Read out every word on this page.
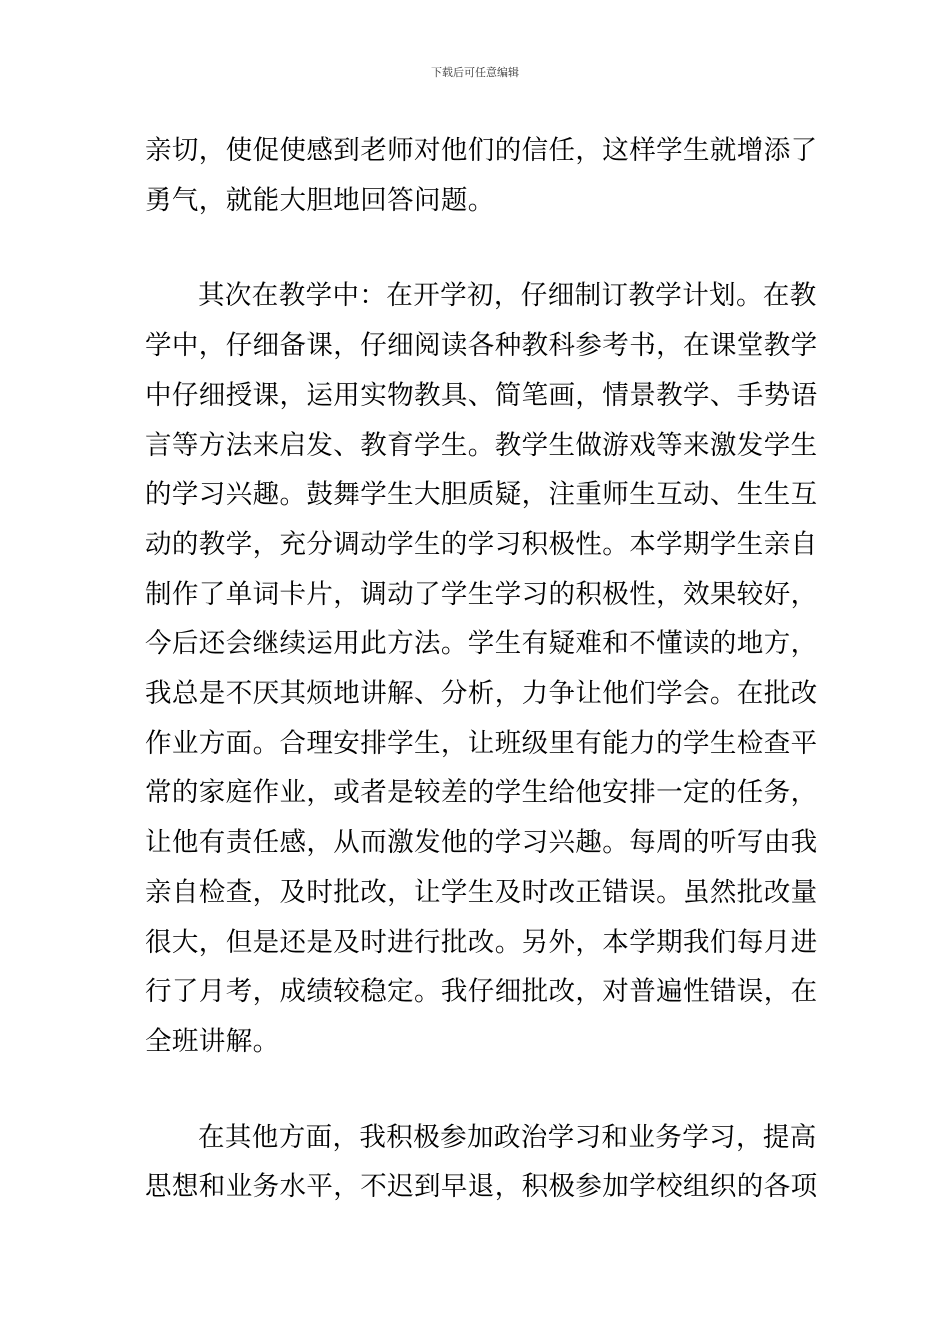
下载后可任意编辑

亲切，使促使感到老师对他们的信任，这样学生就增添了
勇气，就能大胆地回答问题。

其次在教学中：在开学初，仔细制订教学计划。在教
学中，仔细备课，仔细阅读各种教科参考书，在课堂教学
中仔细授课，运用实物教具、简笔画，情景教学、手势语
言等方法来启发、教育学生。教学生做游戏等来激发学生
的学习兴趣。鼓舞学生大胆质疑，注重师生互动、生生互
动的教学，充分调动学生的学习积极性。本学期学生亲自
制作了单词卡片，调动了学生学习的积极性，效果较好，
今后还会继续运用此方法。学生有疑难和不懂读的地方，
我总是不厌其烦地讲解、分析，力争让他们学会。在批改
作业方面。合理安排学生，让班级里有能力的学生检查平
常的家庭作业，或者是较差的学生给他安排一定的任务，
让他有责任感，从而激发他的学习兴趣。每周的听写由我
亲自检查，及时批改，让学生及时改正错误。虽然批改量
很大，但是还是及时进行批改。另外，本学期我们每月进
行了月考，成绩较稳定。我仔细批改，对普遍性错误，在
全班讲解。

在其他方面，我积极参加政治学习和业务学习，提高
思想和业务水平，不迟到早退，积极参加学校组织的各项
